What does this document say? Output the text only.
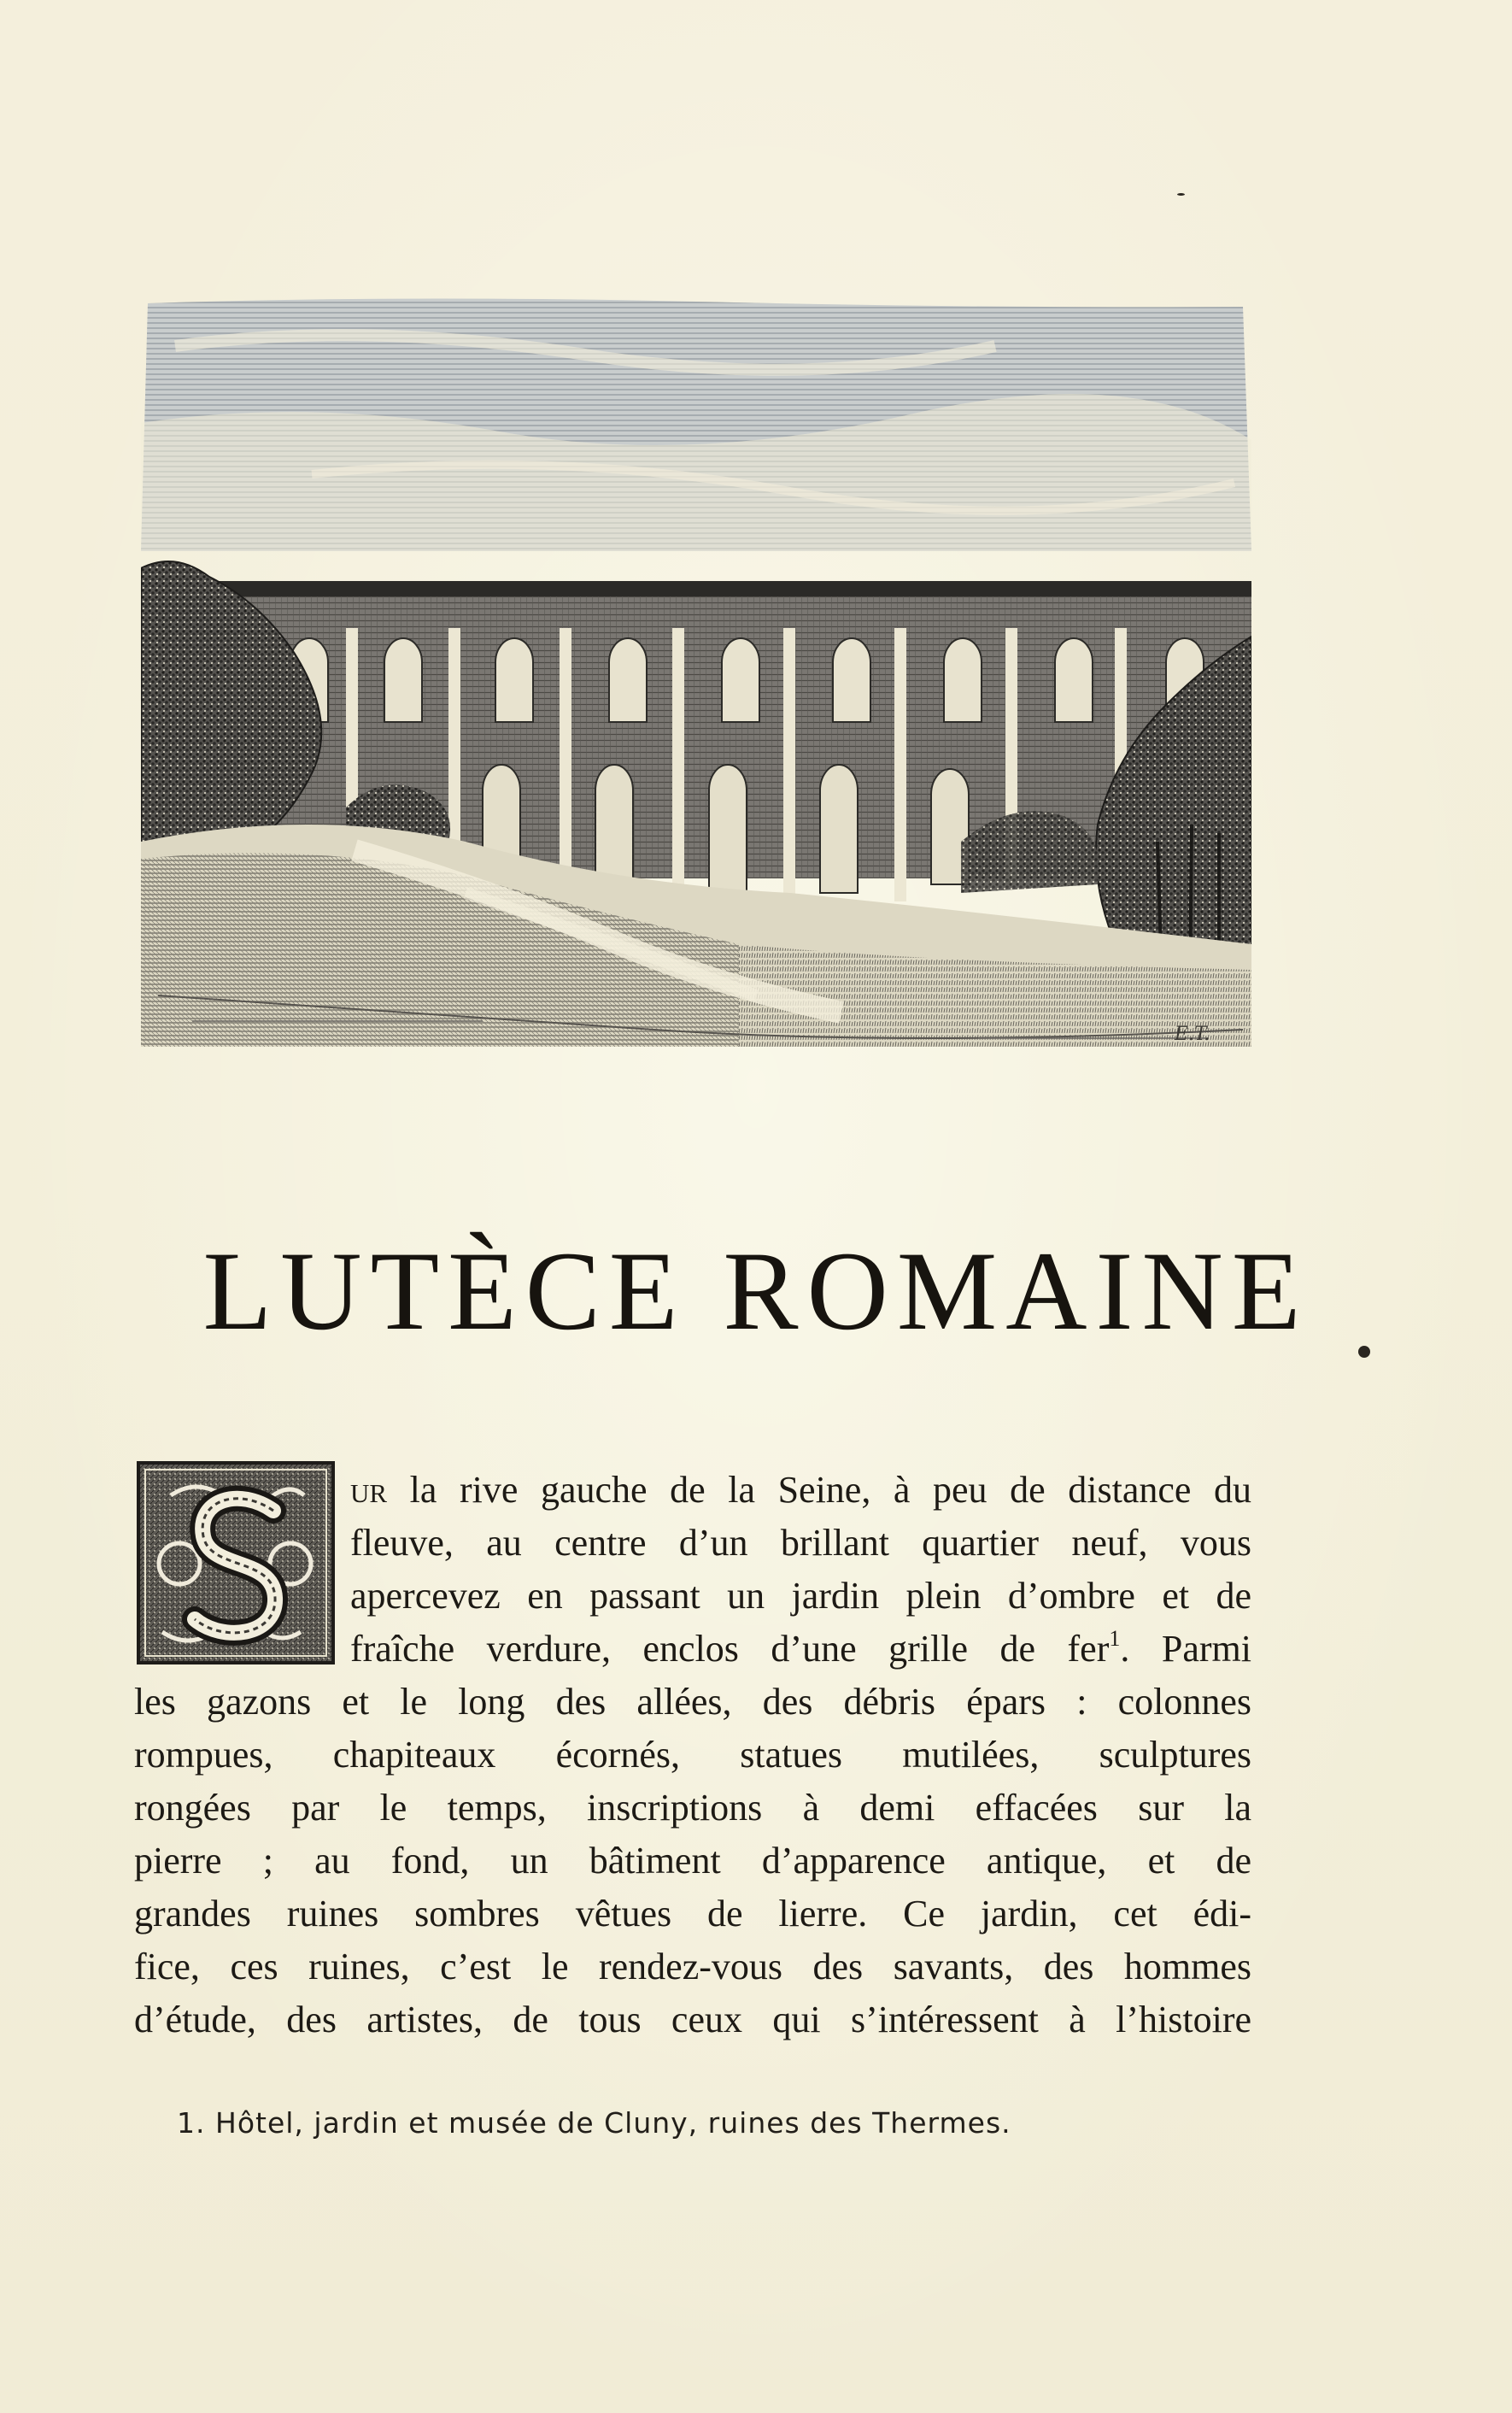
E.T.
LUTÈCE ROMAINE
ur la rive gauche de la Seine, à peu de distance du
fleuve, au centre d’un brillant quartier neuf, vous
apercevez en passant un jardin plein d’ombre et de
fraîche verdure, enclos d’une grille de fer$^1$. Parmi
les gazons et le long des allées, des débris épars : colonnes
rompues, chapiteaux écornés, statues mutilées, sculptures
rongées par le temps, inscriptions à demi effacées sur la
pierre ; au fond, un bâtiment d’apparence antique, et de
grandes ruines sombres vêtues de lierre. Ce jardin, cet édi-
fice, ces ruines, c’est le rendez-vous des savants, des hommes
d’étude, des artistes, de tous ceux qui s’intéressent à l’histoire
1. Hôtel, jardin et musée de Cluny, ruines des Thermes.
